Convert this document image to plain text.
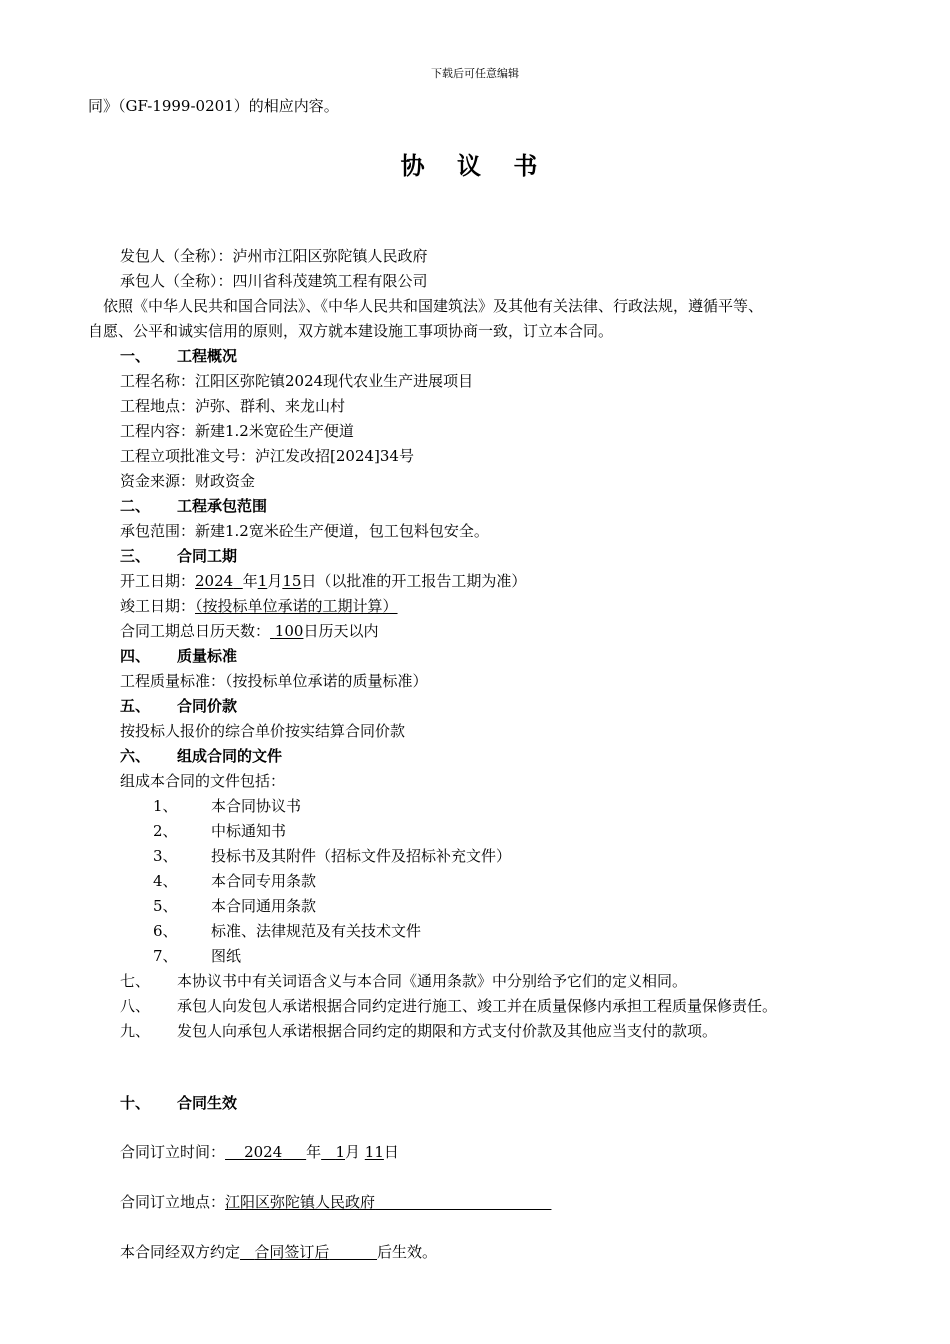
下载后可任意编辑
同》（GF-1999-0201）的相应内容。
协 议 书
发包人（全称）：泸州市江阳区弥陀镇人民政府
承包人（全称）：四川省科茂建筑工程有限公司
依照《中华人民共和国合同法》、《中华人民共和国建筑法》及其他有关法律、行政法规，遵循平等、
自愿、公平和诚实信用的原则，双方就本建设施工事项协商一致，订立本合同。
一、 工程概况
工程名称：江阳区弥陀镇2024现代农业生产进展项目
工程地点：泸弥、群利、来龙山村
工程内容：新建1.2米宽砼生产便道
工程立项批准文号：泸江发改招[2024]34号
资金来源：财政资金
二、 工程承包范围
承包范围：新建1.2宽米砼生产便道，包工包料包安全。
三、 合同工期
开工日期：2024 年1月15日（以批准的开工报告工期为准）
竣工日期：（按投标单位承诺的工期计算）
合同工期总日历天数： 100日历天以内
四、 质量标准
工程质量标准：（按投标单位承诺的质量标准）
五、 合同价款
按投标人报价的综合单价按实结算合同价款
六、 组成合同的文件
组成本合同的文件包括：
1、 本合同协议书
2、 中标通知书
3、 投标书及其附件（招标文件及招标补充文件）
4、 本合同专用条款
5、 本合同通用条款
6、 标准、法律规范及有关技术文件
7、 图纸
七、 本协议书中有关词语含义与本合同《通用条款》中分别给予它们的定义相同。
八、 承包人向发包人承诺根据合同约定进行施工、竣工并在质量保修内承担工程质量保修责任。
九、 发包人向承包人承诺根据合同约定的期限和方式支付价款及其他应当支付的款项。
十、 合同生效
合同订立时间： 2024 年 1月 11日
合同订立地点：江阳区弥陀镇人民政府
本合同经双方约定 合同签订后	后生效。
